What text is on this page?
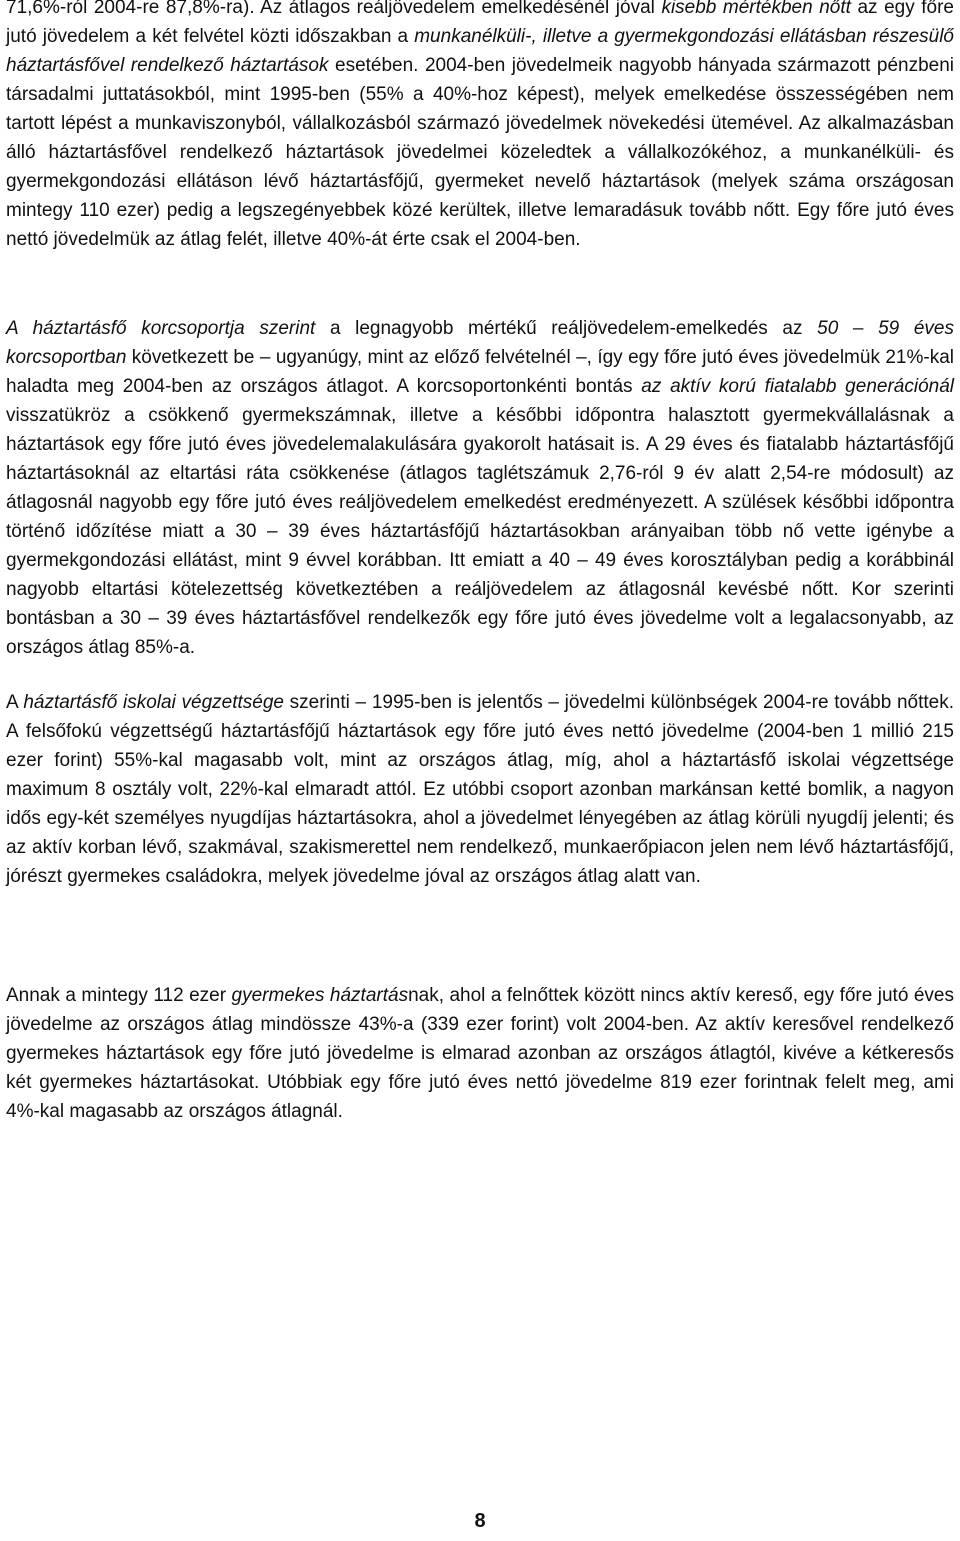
71,6%-ról 2004-re 87,8%-ra). Az átlagos reáljövedelem emelkedésénél jóval kisebb mértékben nőtt az egy főre jutó jövedelem a két felvétel közti időszakban a munkanélküli-, illetve a gyermekgondozási ellátásban részesülő háztartásfővel rendelkező háztartások esetében. 2004-ben jövedelmeik nagyobb hányada származott pénzbeni társadalmi juttatásokból, mint 1995-ben (55% a 40%-hoz képest), melyek emelkedése összességében nem tartott lépést a munkaviszonyból, vállalkozásból származó jövedelmek növekedési ütemével. Az alkalmazásban álló háztartásfővel rendelkező háztartások jövedelmei közeledtek a vállalkozókéhoz, a munkanélküli- és gyermekgondozási ellátáson lévő háztartásfőjű, gyermeket nevelő háztartások (melyek száma országosan mintegy 110 ezer) pedig a legszegényebbek közé kerültek, illetve lemaradásuk tovább nőtt. Egy főre jutó éves nettó jövedelmük az átlag felét, illetve 40%-át érte csak el 2004-ben.

A háztartásfő korcsoportja szerint a legnagyobb mértékű reáljövedelem-emelkedés az 50 – 59 éves korcsoportban következett be – ugyanúgy, mint az előző felvételnél –, így egy főre jutó éves jövedelmük 21%-kal haladta meg 2004-ben az országos átlagot. A korcsoportonkénti bontás az aktív korú fiatalabb generációnál visszatükröz a csökkenő gyermekszámnak, illetve a későbbi időpontra halasztott gyermekvállalásnak a háztartások egy főre jutó éves jövedelemalakulására gyakorolt hatásait is. A 29 éves és fiatalabb háztartásfőjű háztartásoknál az eltartási ráta csökkenése (átlagos taglétszámuk 2,76-ról 9 év alatt 2,54-re módosult) az átlagosnál nagyobb egy főre jutó éves reáljövedelem emelkedést eredményezett. A szülések későbbi időpontra történő időzítése miatt a 30 – 39 éves háztartásfőjű háztartásokban arányaiban több nő vette igénybe a gyermekgondozási ellátást, mint 9 évvel korábban. Itt emiatt a 40 – 49 éves korosztályban pedig a korábbinál nagyobb eltartási kötelezettség következtében a reáljövedelem az átlagosnál kevésbé nőtt. Kor szerinti bontásban a 30 – 39 éves háztartásfővel rendelkezők egy főre jutó éves jövedelme volt a legalacsonyabb, az országos átlag 85%-a.

A háztartásfő iskolai végzettsége szerinti – 1995-ben is jelentős – jövedelmi különbségek 2004-re tovább nőttek. A felsőfokú végzettségű háztartásfőjű háztartások egy főre jutó éves nettó jövedelme (2004-ben 1 millió 215 ezer forint) 55%-kal magasabb volt, mint az országos átlag, míg, ahol a háztartásfő iskolai végzettsége maximum 8 osztály volt, 22%-kal elmaradt attól. Ez utóbbi csoport azonban markánsan ketté bomlik, a nagyon idős egy-két személyes nyugdíjas háztartásokra, ahol a jövedelmet lényegében az átlag körüli nyugdíj jelenti; és az aktív korban lévő, szakmával, szakismerettel nem rendelkező, munkaerőpiacon jelen nem lévő háztartásfőjű, jórészt gyermekes családokra, melyek jövedelme jóval az országos átlag alatt van.

Annak a mintegy 112 ezer gyermekes háztartásnak, ahol a felnőttek között nincs aktív kereső, egy főre jutó éves jövedelme az országos átlag mindössze 43%-a (339 ezer forint) volt 2004-ben. Az aktív keresővel rendelkező gyermekes háztartások egy főre jutó jövedelme is elmarad azonban az országos átlagtól, kivéve a kétkeresős két gyermekes háztartásokat. Utóbbiak egy főre jutó éves nettó jövedelme 819 ezer forintnak felelt meg, ami 4%-kal magasabb az országos átlagnál.

8
